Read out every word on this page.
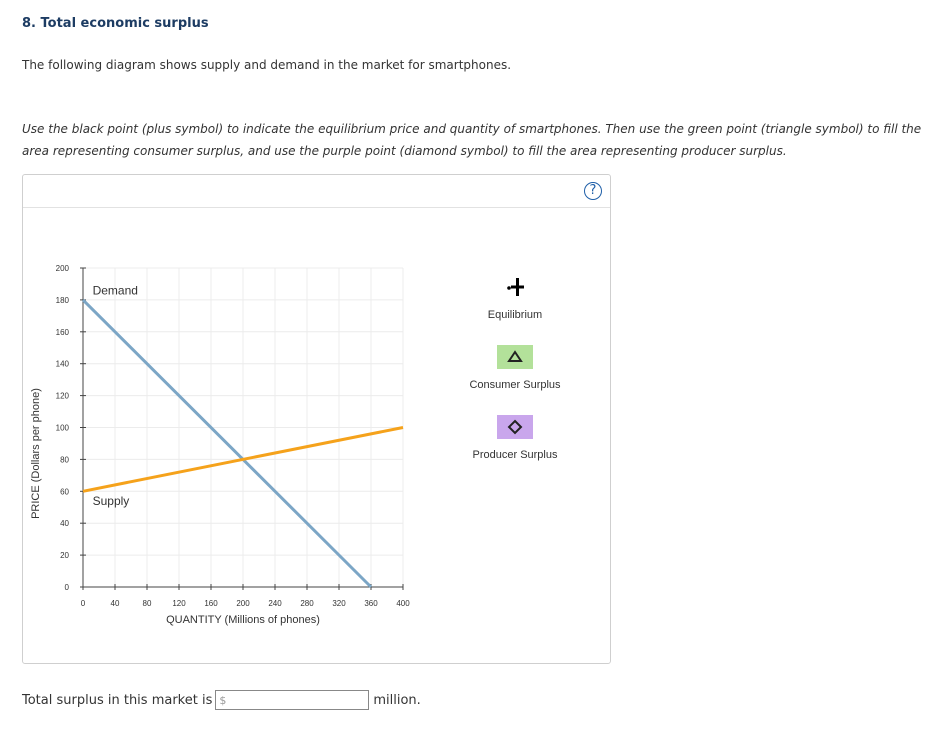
8. Total economic surplus

The following diagram shows supply and demand in the market for smartphones.

Use the black point (plus symbol) to indicate the equilibrium price and quantity of smartphones. Then use the green point (triangle symbol) to fill the area representing consumer surplus, and use the purple point (diamond symbol) to fill the area representing producer surplus.

?
0
20
40
60
80
100
120
140
160
180
200
0	40	80	120 160 200 240 280 320 360 400
QUANTITY (Millions of phones)
PRICE (Dollars per phone)
Demand
Supply
Equilibrium
Consumer Surplus
Producer Surplus
Total surplus in this market is $	million.
